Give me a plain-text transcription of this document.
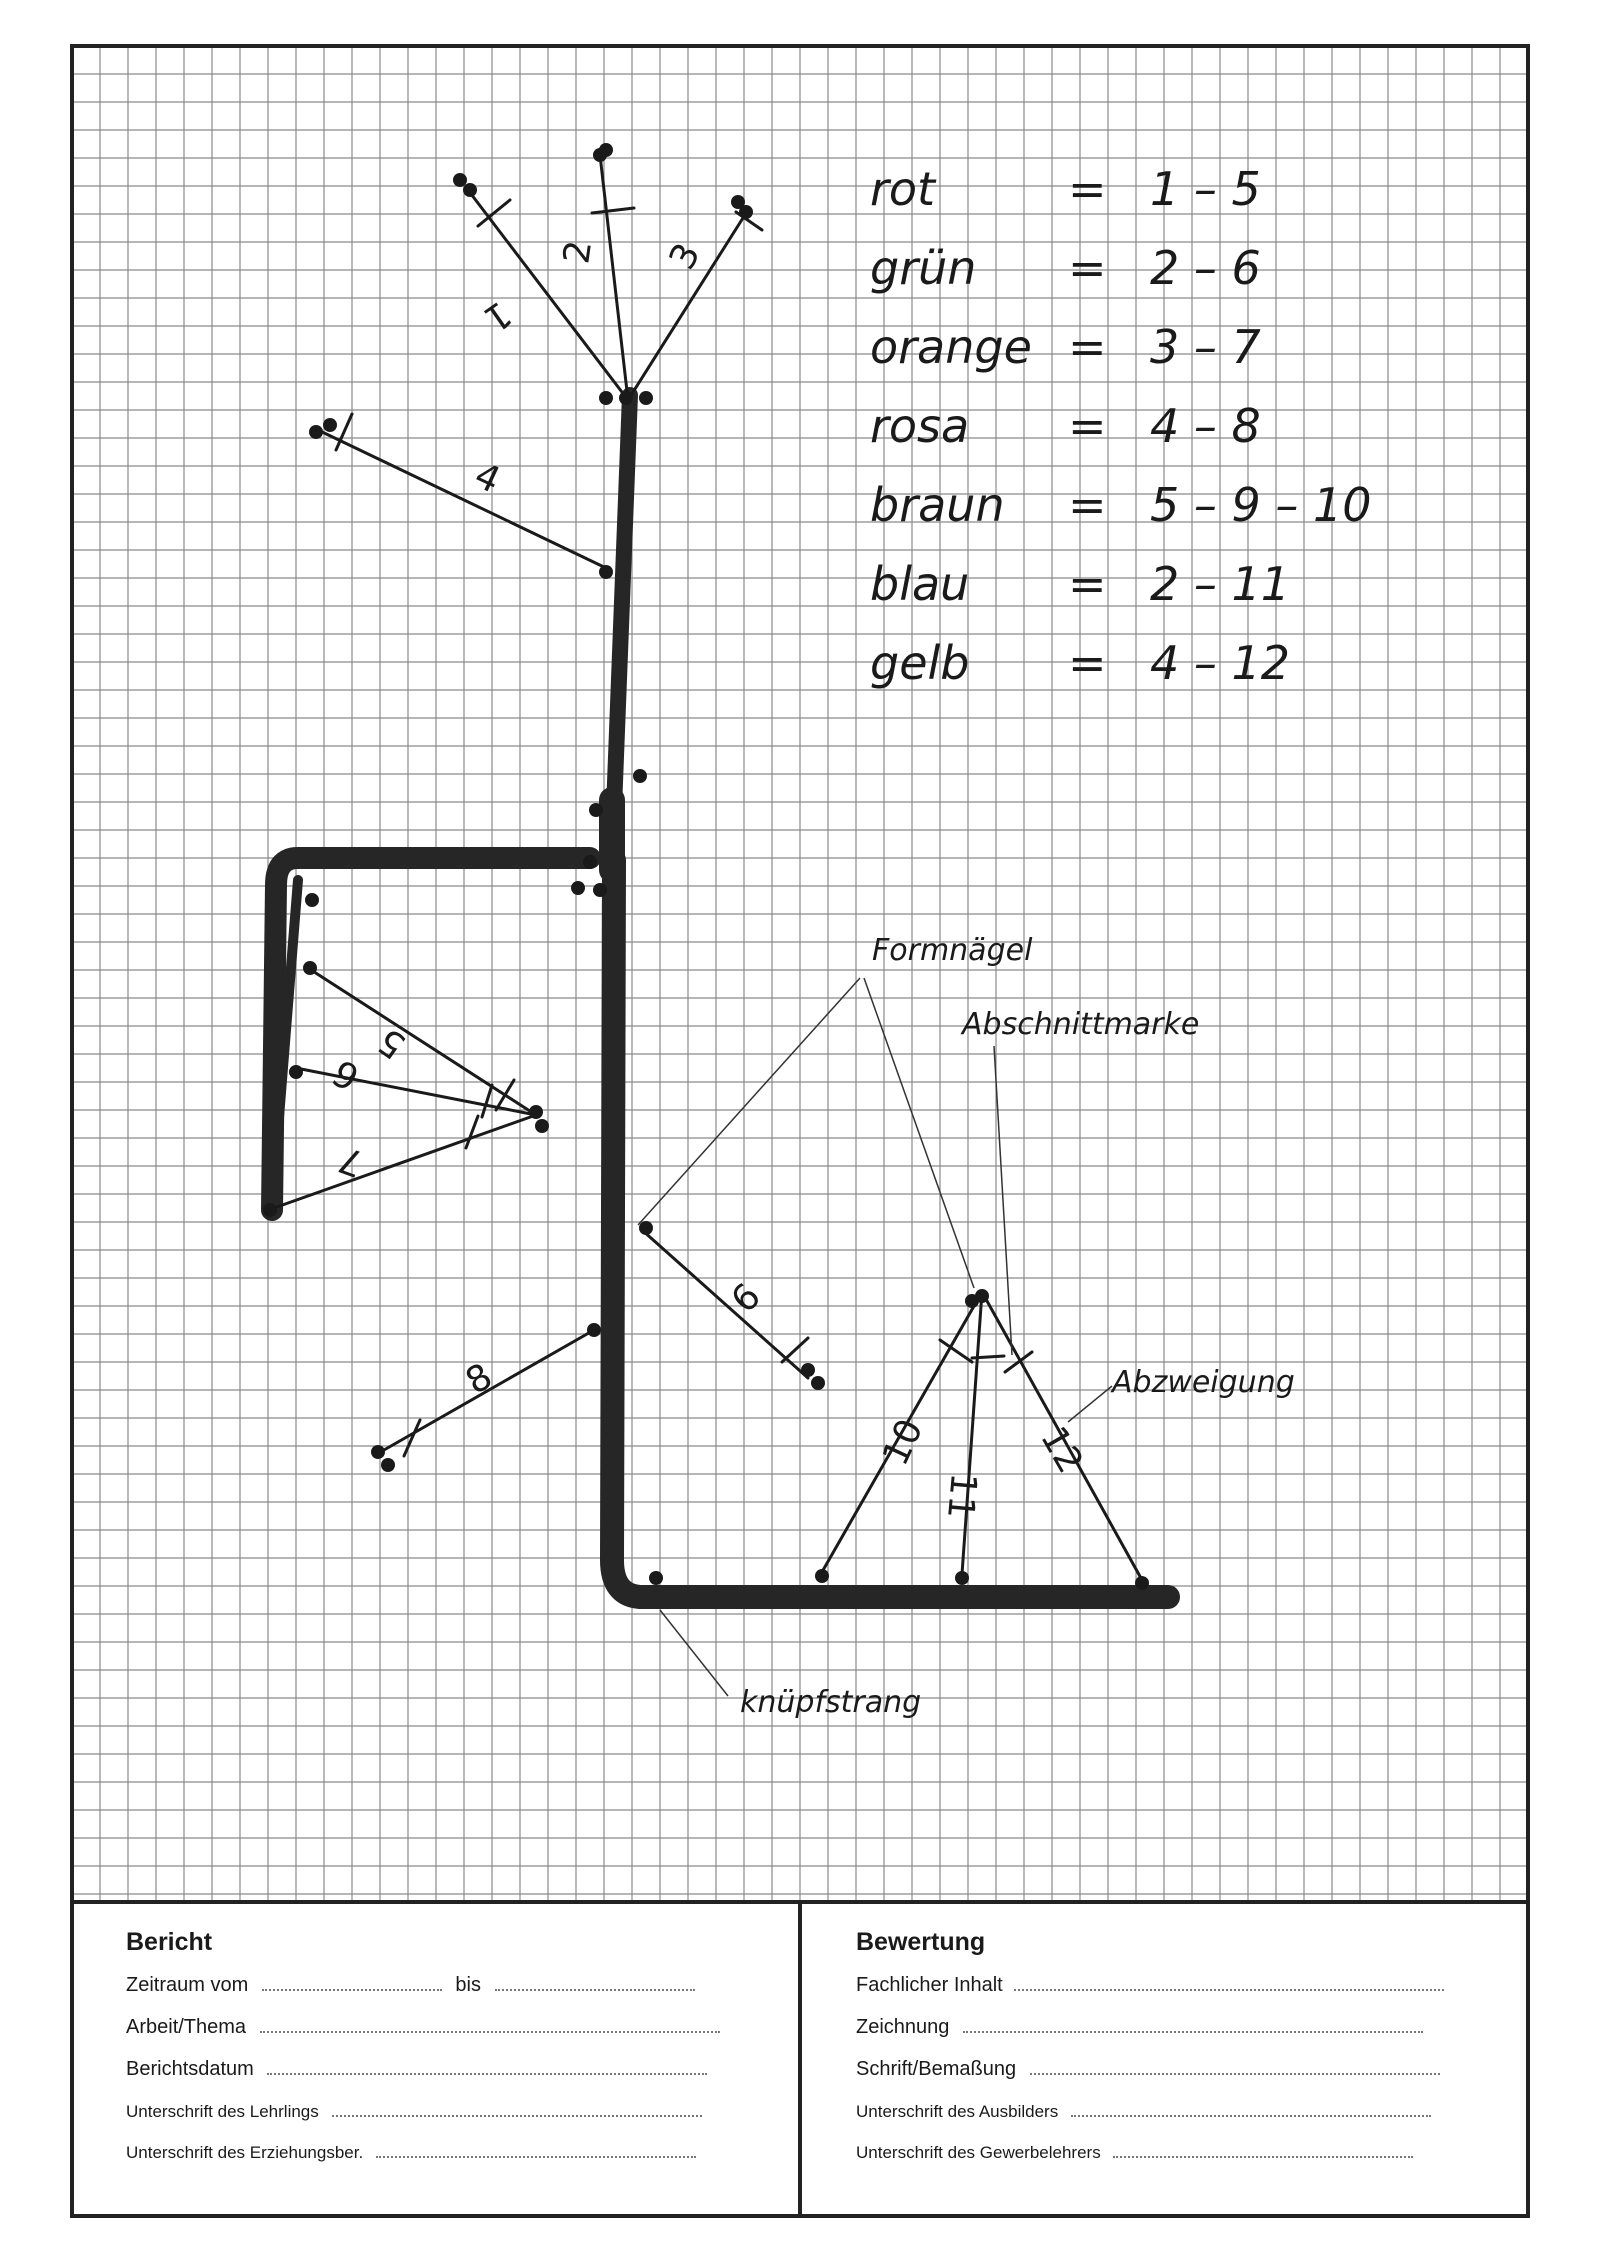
1
2 3
4
5
6
7
8
9
10
11
12
rot	= 1 – 5
grün = 2 – 6
orange = 3 – 7
rosa = 4 – 8
braun = 5 – 9 – 10
blau = 2 – 11
gelb = 4 – 12
Formnägel
Abschnittmarke
Abzweigung
knüpfstrang
Bericht
Zeitraum vom	bis
Arbeit/Thema
Berichtsdatum
Unterschrift des Lehrlings
Unterschrift des Erziehungsber.
Bewertung
Fachlicher Inhalt
Zeichnung
Schrift/Bemaßung
Unterschrift des Ausbilders
Unterschrift des Gewerbelehrers
